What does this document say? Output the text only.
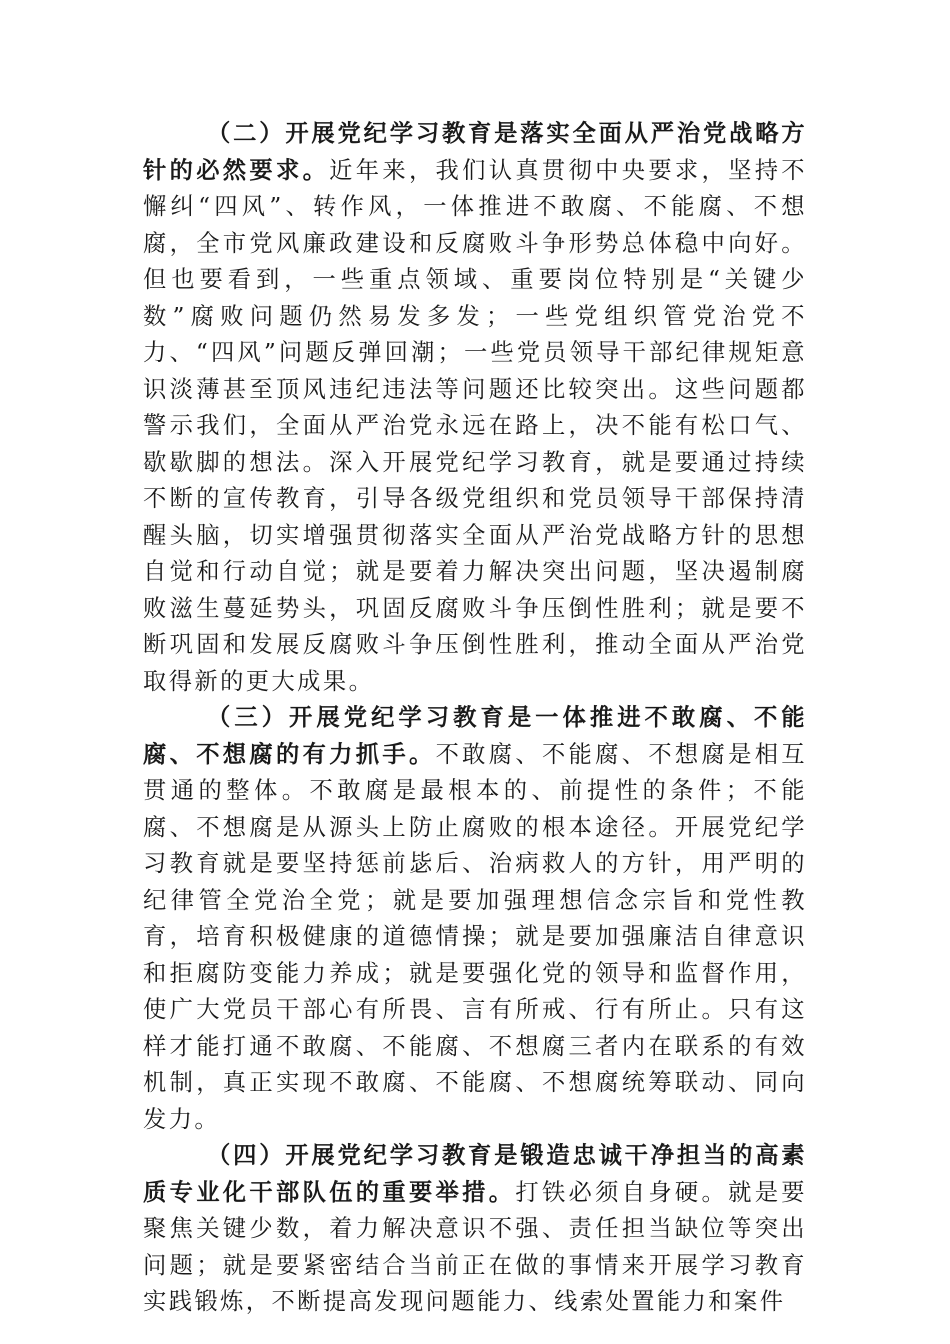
（二）开展党纪学习教育是落实全面从严治党战略方针的必然要求。近年来，我们认真贯彻中央要求，坚持不懈纠“四风”、转作风，一体推进不敢腐、不能腐、不想腐，全市党风廉政建设和反腐败斗争形势总体稳中向好。但也要看到，一些重点领域、重要岗位特别是“关键少数”腐败问题仍然易发多发；一些党组织管党治党不力、“四风”问题反弹回潮；一些党员领导干部纪律规矩意识淡薄甚至顶风违纪违法等问题还比较突出。这些问题都警示我们，全面从严治党永远在路上，决不能有松口气、歇歇脚的想法。深入开展党纪学习教育，就是要通过持续不断的宣传教育，引导各级党组织和党员领导干部保持清醒头脑，切实增强贯彻落实全面从严治党战略方针的思想自觉和行动自觉；就是要着力解决突出问题，坚决遏制腐败滋生蔓延势头，巩固反腐败斗争压倒性胜利；就是要不断巩固和发展反腐败斗争压倒性胜利，推动全面从严治党取得新的更大成果。

（三）开展党纪学习教育是一体推进不敢腐、不能腐、不想腐的有力抓手。不敢腐、不能腐、不想腐是相互贯通的整体。不敢腐是最根本的、前提性的条件；不能腐、不想腐是从源头上防止腐败的根本途径。开展党纪学习教育就是要坚持惩前毖后、治病救人的方针，用严明的纪律管全党治全党；就是要加强理想信念宗旨和党性教育，培育积极健康的道德情操；就是要加强廉洁自律意识和拒腐防变能力养成；就是要强化党的领导和监督作用，使广大党员干部心有所畏、言有所戒、行有所止。只有这样才能打通不敢腐、不能腐、不想腐三者内在联系的有效机制，真正实现不敢腐、不能腐、不想腐统筹联动、同向发力。

（四）开展党纪学习教育是锻造忠诚干净担当的高素质专业化干部队伍的重要举措。打铁必须自身硬。就是要聚焦关键少数，着力解决意识不强、责任担当缺位等突出问题；就是要紧密结合当前正在做的事情来开展学习教育实践锻炼，不断提高发现问题能力、线索处置能力和案件
